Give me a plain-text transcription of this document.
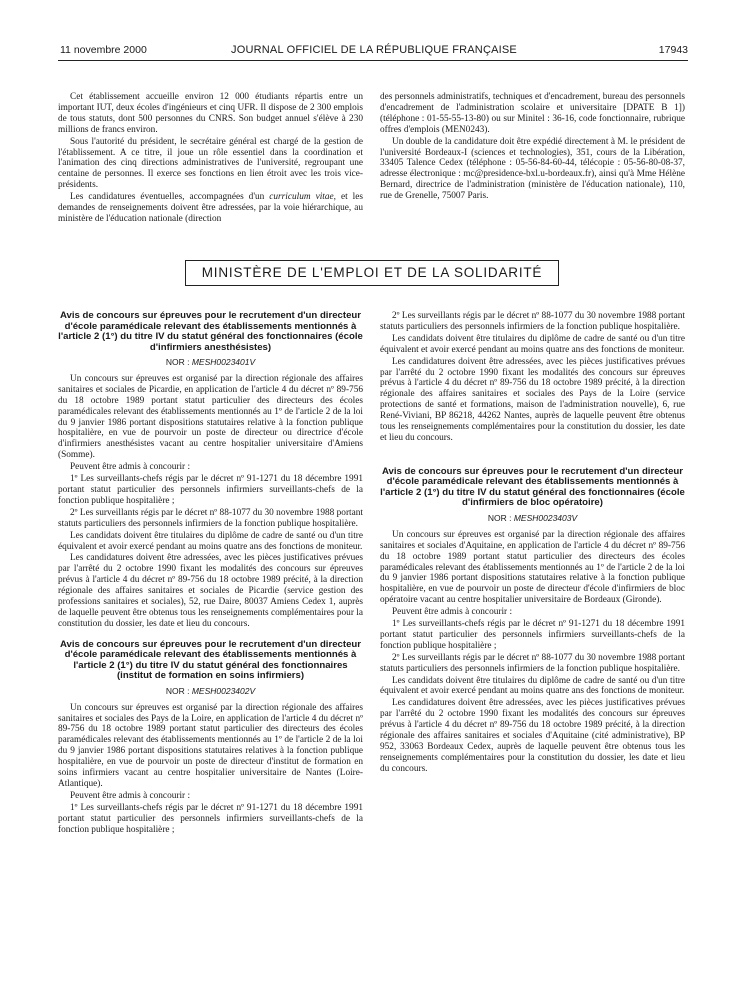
11 novembre 2000	JOURNAL OFFICIEL DE LA RÉPUBLIQUE FRANÇAISE	17943

Cet établissement accueille environ 12 000 étudiants répartis entre un important IUT, deux écoles d'ingénieurs et cinq UFR. Il dispose de 2 300 emplois de tous statuts, dont 500 personnes du CNRS. Son budget annuel s'élève à 230 millions de francs environ.

Sous l'autorité du président, le secrétaire général est chargé de la gestion de l'établissement. A ce titre, il joue un rôle essentiel dans la coordination et l'animation des cinq directions administratives de l'université, regroupant une centaine de personnes. Il exerce ses fonctions en lien étroit avec les trois vice-présidents.

Les candidatures éventuelles, accompagnées d'un curriculum vitae, et les demandes de renseignements doivent être adressées, par la voie hiérarchique, au ministère de l'éducation nationale (direction

des personnels administratifs, techniques et d'encadrement, bureau des personnels d'encadrement de l'administration scolaire et universitaire [DPATE B 1]) (téléphone : 01-55-55-13-80) ou sur Minitel : 36-16, code fonctionnaire, rubrique offres d'emplois (MEN0243).

Un double de la candidature doit être expédié directement à M. le président de l'université Bordeaux-I (sciences et technologies), 351, cours de la Libération, 33405 Talence Cedex (téléphone : 05-56-84-60-44, télécopie : 05-56-80-08-37, adresse électronique : mc@presidence-bxl.u-bordeaux.fr), ainsi qu'à Mme Hélène Bernard, directrice de l'administration (ministère de l'éducation nationale), 110, rue de Grenelle, 75007 Paris.

MINISTÈRE DE L'EMPLOI ET DE LA SOLIDARITÉ
Avis de concours sur épreuves pour le recrutement d'un directeur d'école paramédicale relevant des établissements mentionnés à l'article 2 (1°) du titre IV du statut général des fonctionnaires (école d'infirmiers anesthésistes)
NOR : MESH0023401V

Un concours sur épreuves est organisé par la direction régionale des affaires sanitaires et sociales de Picardie, en application de l'article 4 du décret nº 89-756 du 18 octobre 1989 portant statut particulier des directeurs des écoles paramédicales relevant des établissements mentionnés au 1º de l'article 2 de la loi du 9 janvier 1986 portant dispositions statutaires relative à la fonction publique hospitalière, en vue de pourvoir un poste de directeur ou directrice d'école d'infirmiers anesthésistes vacant au centre hospitalier universitaire d'Amiens (Somme).

Peuvent être admis à concourir :

1º Les surveillants-chefs régis par le décret nº 91-1271 du 18 décembre 1991 portant statut particulier des personnels infirmiers surveillants-chefs de la fonction publique hospitalière ;

2º Les surveillants régis par le décret nº 88-1077 du 30 novembre 1988 portant statuts particuliers des personnels infirmiers de la fonction publique hospitalière.

Les candidats doivent être titulaires du diplôme de cadre de santé ou d'un titre équivalent et avoir exercé pendant au moins quatre ans des fonctions de moniteur.

Les candidatures doivent être adressées, avec les pièces justificatives prévues par l'arrêté du 2 octobre 1990 fixant les modalités des concours sur épreuves prévus à l'article 4 du décret nº 89-756 du 18 octobre 1989 précité, à la direction régionale des affaires sanitaires et sociales de Picardie (service gestion des professions sanitaires et sociales), 52, rue Daire, 80037 Amiens Cedex 1, auprès de laquelle peuvent être obtenus tous les renseignements complémentaires pour la constitution du dossier, les date et lieu du concours.

Avis de concours sur épreuves pour le recrutement d'un directeur d'école paramédicale relevant des établissements mentionnés à l'article 2 (1°) du titre IV du statut général des fonctionnaires (institut de formation en soins infirmiers)
NOR : MESH0023402V

Un concours sur épreuves est organisé par la direction régionale des affaires sanitaires et sociales des Pays de la Loire, en application de l'article 4 du décret nº 89-756 du 18 octobre 1989 portant statut particulier des directeurs des écoles paramédicales relevant des établissements mentionnés au 1º de l'article 2 de la loi du 9 janvier 1986 portant dispositions statutaires relatives à la fonction publique hospitalière, en vue de pourvoir un poste de directeur d'institut de formation en soins infirmiers vacant au centre hospitalier universitaire de Nantes (Loire-Atlantique).

Peuvent être admis à concourir :

1º Les surveillants-chefs régis par le décret nº 91-1271 du 18 décembre 1991 portant statut particulier des personnels infirmiers surveillants-chefs de la fonction publique hospitalière ;

2º Les surveillants régis par le décret nº 88-1077 du 30 novembre 1988 portant statuts particuliers des personnels infirmiers de la fonction publique hospitalière.

Les candidats doivent être titulaires du diplôme de cadre de santé ou d'un titre équivalent et avoir exercé pendant au moins quatre ans des fonctions de moniteur.

Les candidatures doivent être adressées, avec les pièces justificatives prévues par l'arrêté du 2 octobre 1990 fixant les modalités des concours sur épreuves prévus à l'article 4 du décret nº 89-756 du 18 octobre 1989 précité, à la direction régionale des affaires sanitaires et sociales des Pays de la Loire (service protections de santé et formations, maison de l'administration nouvelle), 6, rue René-Viviani, BP 86218, 44262 Nantes, auprès de laquelle peuvent être obtenus tous les renseignements complémentaires pour la constitution du dossier, les date et lieu du concours.

Avis de concours sur épreuves pour le recrutement d'un directeur d'école paramédicale relevant des établissements mentionnés à l'article 2 (1°) du titre IV du statut général des fonctionnaires (école d'infirmiers de bloc opératoire)
NOR : MESH0023403V

Un concours sur épreuves est organisé par la direction régionale des affaires sanitaires et sociales d'Aquitaine, en application de l'article 4 du décret nº 89-756 du 18 octobre 1989 portant statut particulier des directeurs des écoles paramédicales relevant des établissements mentionnés au 1º de l'article 2 de la loi du 9 janvier 1986 portant dispositions statutaires relative à la fonction publique hospitalière, en vue de pourvoir un poste de directeur d'école d'infirmiers de bloc opératoire vacant au centre hospitalier universitaire de Bordeaux (Gironde).

Peuvent être admis à concourir :

1º Les surveillants-chefs régis par le décret nº 91-1271 du 18 décembre 1991 portant statut particulier des personnels infirmiers surveillants-chefs de la fonction publique hospitalière ;

2º Les surveillants régis par le décret nº 88-1077 du 30 novembre 1988 portant statuts particuliers des personnels infirmiers de la fonction publique hospitalière.

Les candidats doivent être titulaires du diplôme de cadre de santé ou d'un titre équivalent et avoir exercé pendant au moins quatre ans des fonctions de moniteur.

Les candidatures doivent être adressées, avec les pièces justificatives prévues par l'arrêté du 2 octobre 1990 fixant les modalités des concours sur épreuves prévus à l'article 4 du décret nº 89-756 du 18 octobre 1989 précité, à la direction régionale des affaires sanitaires et sociales d'Aquitaine (cité administrative), BP 952, 33063 Bordeaux Cedex, auprès de laquelle peuvent être obtenus tous les renseignements complémentaires pour la constitution du dossier, les date et lieu du concours.
